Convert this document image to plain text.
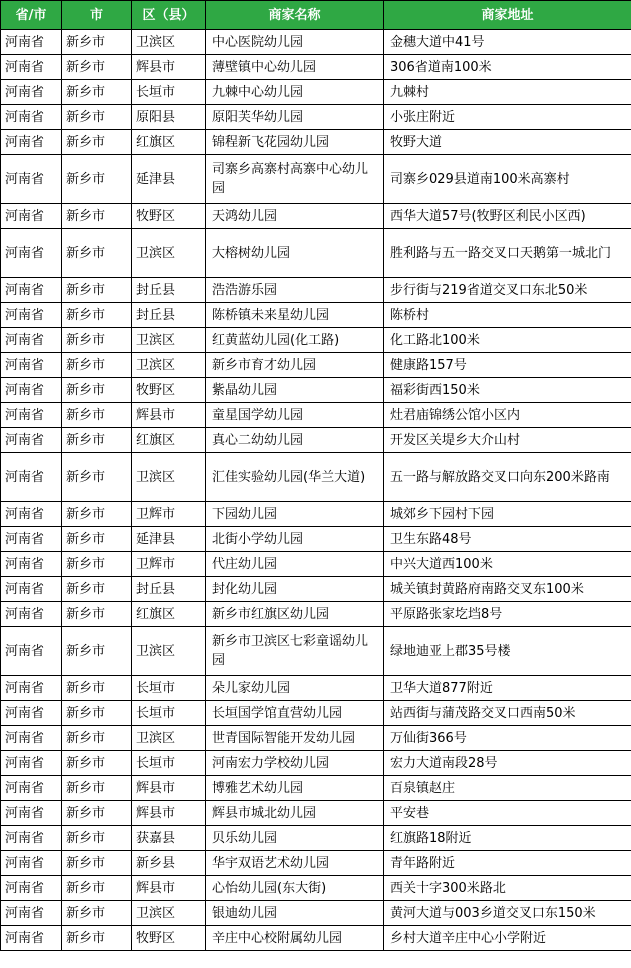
省/市	市	区（县）	商家名称	商家地址
河南省	新乡市	卫滨区	中心医院幼儿园	金穗大道中41号
河南省	新乡市	辉县市	薄壁镇中心幼儿园	306省道南100米
河南省	新乡市	长垣市	九棘中心幼儿园	九棘村
河南省	新乡市	原阳县	原阳芙华幼儿园	小张庄附近
河南省	新乡市	红旗区	锦程新飞花园幼儿园	牧野大道
河南省	新乡市	延津县	司寨乡高寨村高寨中心幼儿园	司寨乡029县道南100米高寨村
河南省	新乡市	牧野区	天鸿幼儿园	西华大道57号(牧野区利民小区西)
河南省	新乡市	卫滨区	大榕树幼儿园	胜利路与五一路交叉口天鹅第一城北门
河南省	新乡市	封丘县	浩浩游乐园	步行街与219省道交叉口东北50米
河南省	新乡市	封丘县	陈桥镇未来星幼儿园	陈桥村
河南省	新乡市	卫滨区	红黄蓝幼儿园(化工路)	化工路北100米
河南省	新乡市	卫滨区	新乡市育才幼儿园	健康路157号
河南省	新乡市	牧野区	紫晶幼儿园	福彩街西150米
河南省	新乡市	辉县市	童星国学幼儿园	灶君庙锦绣公馆小区内
河南省	新乡市	红旗区	真心二幼幼儿园	开发区关堤乡大介山村
河南省	新乡市	卫滨区	汇佳实验幼儿园(华兰大道)	五一路与解放路交叉口向东200米路南
河南省	新乡市	卫辉市	下园幼儿园	城郊乡下园村下园
河南省	新乡市	延津县	北街小学幼儿园	卫生东路48号
河南省	新乡市	卫辉市	代庄幼儿园	中兴大道西100米
河南省	新乡市	封丘县	封化幼儿园	城关镇封黄路府南路交叉东100米
河南省	新乡市	红旗区	新乡市红旗区幼儿园	平原路张家圪垱8号
河南省	新乡市	卫滨区	新乡市卫滨区七彩童谣幼儿园	绿地迪亚上郡35号楼
河南省	新乡市	长垣市	朵儿家幼儿园	卫华大道877附近
河南省	新乡市	长垣市	长垣国学馆直营幼儿园	站西街与蒲茂路交叉口西南50米
河南省	新乡市	卫滨区	世青国际智能开发幼儿园	万仙街366号
河南省	新乡市	长垣市	河南宏力学校幼儿园	宏力大道南段28号
河南省	新乡市	辉县市	博雅艺术幼儿园	百泉镇赵庄
河南省	新乡市	辉县市	辉县市城北幼儿园	平安巷
河南省	新乡市	获嘉县	贝乐幼儿园	红旗路18附近
河南省	新乡市	新乡县	华宇双语艺术幼儿园	青年路附近
河南省	新乡市	辉县市	心怡幼儿园(东大街)	西关十字300米路北
河南省	新乡市	卫滨区	银迪幼儿园	黄河大道与003乡道交叉口东150米
河南省	新乡市	牧野区	辛庄中心校附属幼儿园	乡村大道辛庄中心小学附近
